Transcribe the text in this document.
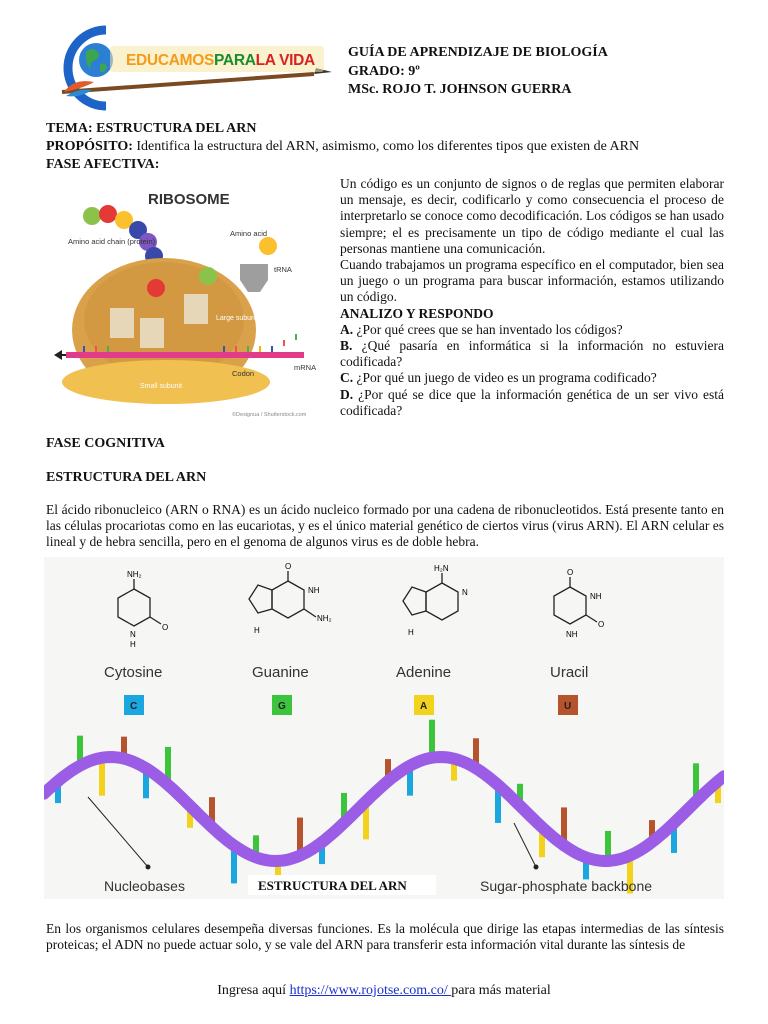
EDUCAMOSPARALA VIDA GUÍA DE APRENDIZAJE DE BIOLOGÍA
GRADO: 9º
MSc. ROJO T. JOHNSON GUERRA
TEMA: ESTRUCTURA DEL ARN
PROPÓSITO: Identifica la estructura del ARN, asimismo, como los diferentes tipos que existen de ARN
FASE AFECTIVA:
RIBOSOME
Amino acid chain (protein)
Small subunit
Large subunit
Codon
mRNA
Amino acid
tRNA
©Designua / Shutterstock.com

Un código es un conjunto de signos o de reglas que permiten elaborar un mensaje, es decir, codificarlo y como consecuencia el proceso de interpretarlo se conoce como decodificación. Los códigos se han usado siempre; el es precisamente un tipo de código mediante el cual las personas mantiene una comunicación.

Cuando trabajamos un programa específico en el computador, bien sea un juego o un programa para buscar información, estamos utilizando un código.

ANALIZO Y RESPONDO

A. ¿Por qué crees que se han inventado los códigos?

B. ¿Qué pasaría en informática si la información no estuviera codificada?

C. ¿Por qué un juego de video es un programa codificado?

D. ¿Por qué se dice que la información genética de un ser vivo está codificada?

FASE COGNITIVA
ESTRUCTURA DEL ARN
El ácido ribonucleico (ARN o RNA) es un ácido nucleico formado por una cadena de ribonucleotidos. Está presente tanto en las células procariotas como en las eucariotas, y es el único material genético de ciertos virus (virus ARN). El ARN celular es lineal y de hebra sencilla, pero en el genoma de algunos virus es de doble hebra.
NH₂
O
N
H
O
NH
NH₂
H
H₂N
N
H
O
NH
O
NH
Cytosine	Guanine	Adenine	Uracil
C	G	A	U
Nucleobases	ESTRUCTURA DEL ARN	Sugar-phosphate backbone
En los organismos celulares desempeña diversas funciones. Es la molécula que dirige las etapas intermedias de las síntesis proteicas; el ADN no puede actuar solo, y se vale del ARN para transferir esta información vital durante las síntesis de
Ingresa aquí https://www.rojotse.com.co/ para más material
